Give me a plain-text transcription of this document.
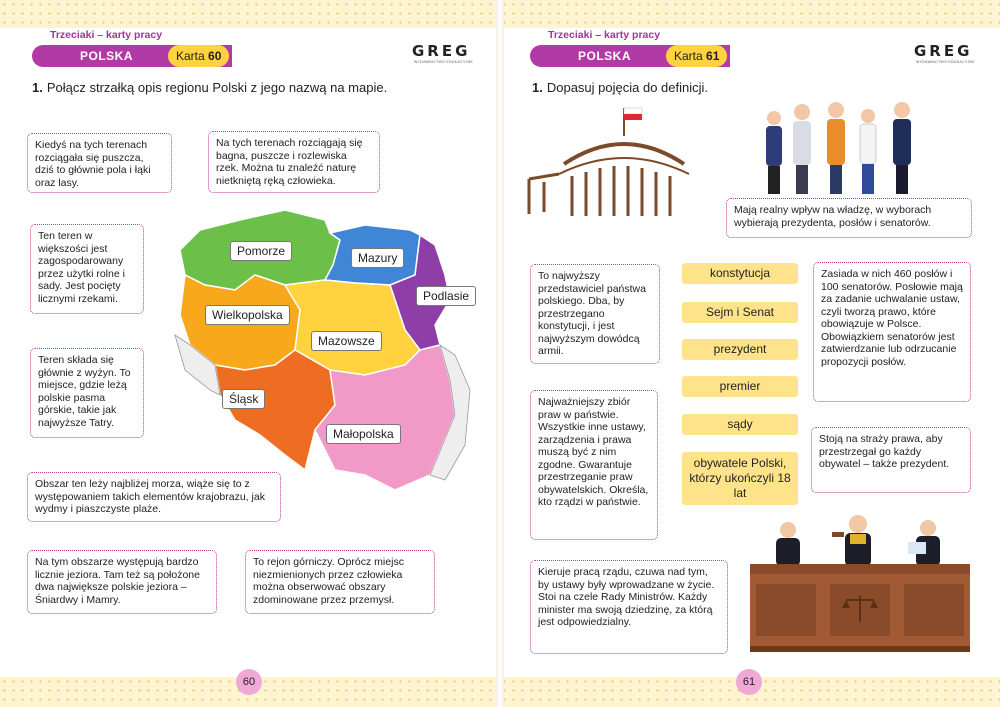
Trzeciaki – karty pracy
POLSKA	Karta 60	GREG
WYDAWNICTWO EDUKACYJNE
1. Połącz strzałką opis regionu Polski z jego nazwą na mapie.
Kiedyś na tych terenach rozciągała się puszcza, dziś to głównie pola i łąki oraz lasy.
Na tych terenach rozciągają się bagna, puszcze i rozlewiska rzek. Można tu znaleźć naturę nietkniętą ręką człowieka.
Ten teren w większości jest zagospodarowany przez użytki rolne i sady. Jest pocięty licznymi rzekami.
Teren składa się głównie z wyżyn. To miejsce, gdzie leżą polskie pasma górskie, takie jak najwyższe Tatry.
Obszar ten leży najbliżej morza, wiąże się to z występowaniem takich elementów krajobrazu, jak wydmy i piaszczyste plaże.
Na tym obszarze występują bardzo licznie jeziora. Tam też są położone dwa największe polskie jeziora – Śniardwy i Mamry.
To rejon górniczy. Oprócz miejsc niezmienionych przez człowieka można obserwować obszary zdominowane przez przemysł.
Pomorze	Mazury
Podlasie
Wielkopolska
Mazowsze
Śląsk
Małopolska
60
Trzeciaki – karty pracy
POLSKA	Karta 61	GREG
WYDAWNICTWO EDUKACYJNE
1. Dopasuj pojęcia do definicji.
Mają realny wpływ na władzę, w wyborach wybierają prezydenta, posłów i senatorów.
To najwyższy przedstawiciel państwa polskiego. Dba, by przestrzegano konstytucji, i jest najwyższym dowódcą armii.
Zasiada w nich 460 posłów i 100 senatorów. Posłowie mają za zadanie uchwalanie ustaw, czyli tworzą prawo, które obowiązuje w Polsce. Obowiązkiem senatorów jest zatwierdzanie lub odrzucanie propozycji posłów.
Najważniejszy zbiór praw w państwie. Wszystkie inne ustawy, zarządzenia i prawa muszą być z nim zgodne. Gwarantuje przestrzeganie praw obywatelskich. Określa, kto rządzi w państwie.
Stoją na straży prawa, aby przestrzegał go każdy obywatel – także prezydent.
Kieruje pracą rządu, czuwa nad tym, by ustawy były wprowadzane w życie. Stoi na czele Rady Ministrów. Każdy minister ma swoją dziedzinę, za którą jest odpowiedzialny.
konstytucja
Sejm i Senat
prezydent
premier
sądy
obywatele Polski, którzy ukończyli 18 lat
61
